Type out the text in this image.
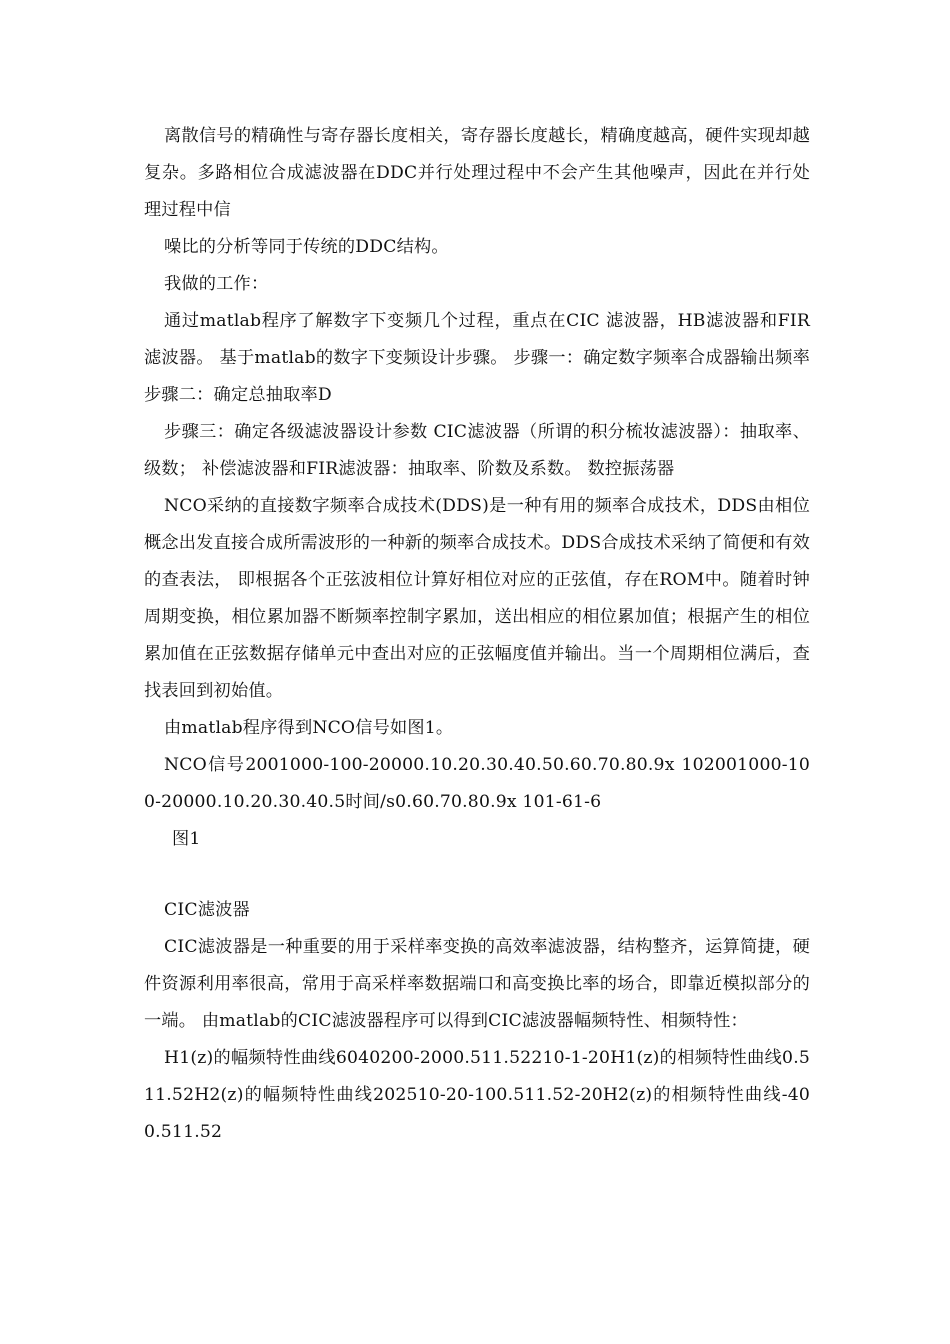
离散信号的精确性与寄存器长度相关，寄存器长度越长，精确度越高，硬件实现却越复杂。多路相位合成滤波器在DDC并行处理过程中不会产生其他噪声，因此在并行处理过程中信

噪比的分析等同于传统的DDC结构。

我做的工作：

通过matlab程序了解数字下变频几个过程，重点在CIC 滤波器，HB滤波器和FIR滤波器。 基于matlab的数字下变频设计步骤。 步骤一：确定数字频率合成器输出频率 步骤二：确定总抽取率D

步骤三：确定各级滤波器设计参数 CIC滤波器（所谓的积分梳妆滤波器）：抽取率、级数； 补偿滤波器和FIR滤波器：抽取率、阶数及系数。 数控振荡器

NCO采纳的直接数字频率合成技术(DDS)是一种有用的频率合成技术，DDS由相位概念出发直接合成所需波形的一种新的频率合成技术。DDS合成技术采纳了简便和有效的查表法， 即根据各个正弦波相位计算好相位对应的正弦值，存在ROM中。随着时钟周期变换，相位累加器不断频率控制字累加，送出相应的相位累加值；根据产生的相位累加值在正弦数据存储单元中查出对应的正弦幅度值并输出。当一个周期相位满后，查找表回到初始值。

由matlab程序得到NCO信号如图1。

NCO信号2001000-100-20000.10.20.30.40.50.60.70.80.9x 102001000-100-20000.10.20.30.40.5时间/s0.60.70.80.9x 101-61-6

图1

CIC滤波器

CIC滤波器是一种重要的用于采样率变换的高效率滤波器，结构整齐，运算简捷，硬件资源利用率很高，常用于高采样率数据端口和高变换比率的场合，即靠近模拟部分的一端。 由matlab的CIC滤波器程序可以得到CIC滤波器幅频特性、相频特性：

H1(z)的幅频特性曲线6040200-2000.511.52210-1-20H1(z)的相频特性曲线0.511.52H2(z)的幅频特性曲线202510-20-100.511.52-20H2(z)的相频特性曲线-400.511.52
